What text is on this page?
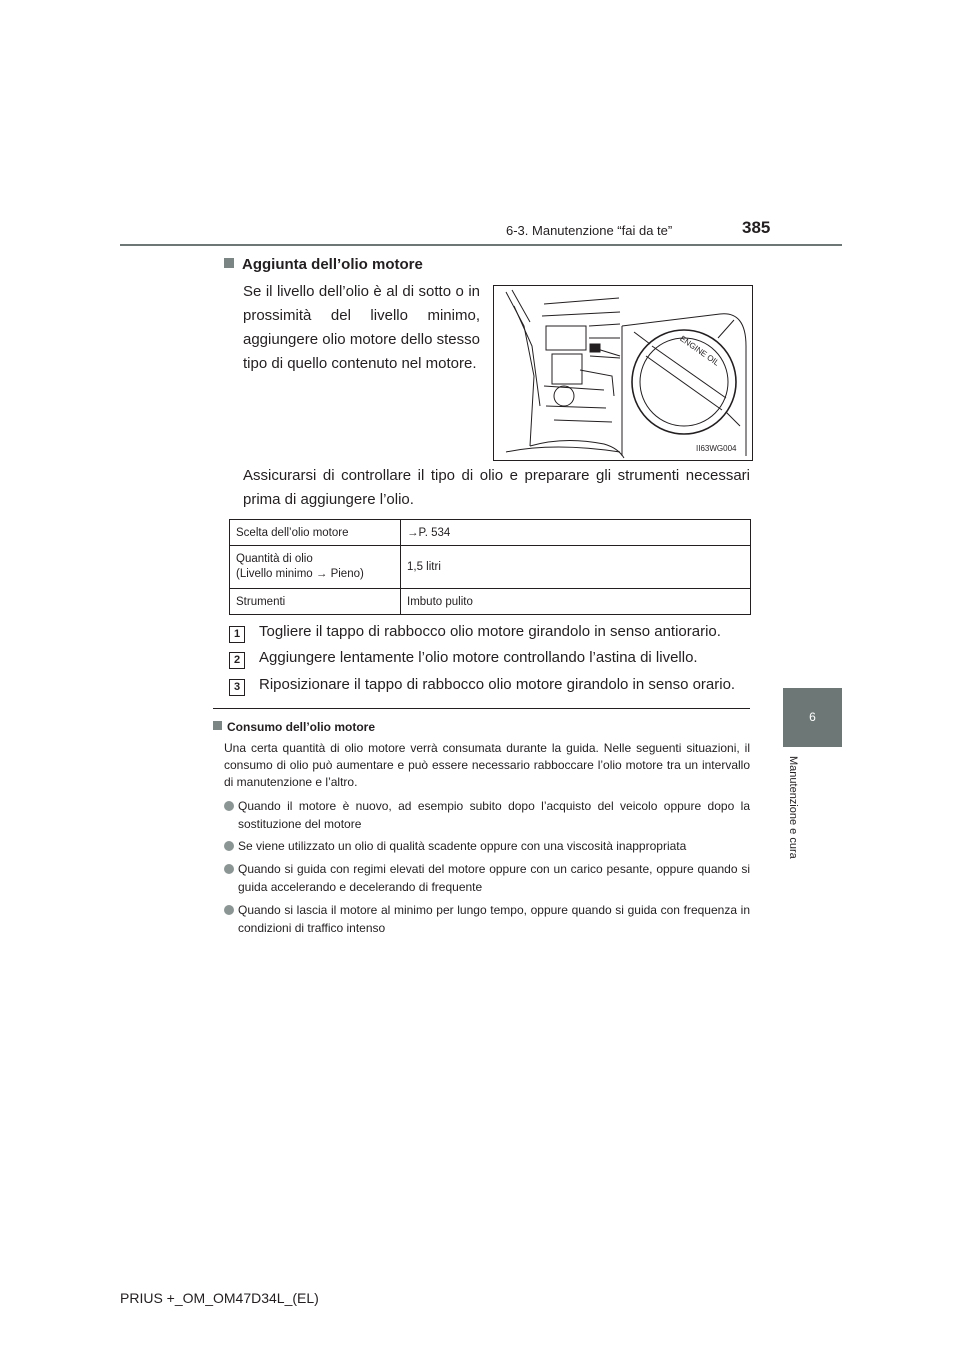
6-3. Manutenzione “fai da te”	385
6
Manutenzione e cura
Aggiunta dell’olio motore
Se il livello dell’olio è al di sotto o in prossimità del livello minimo, aggiungere olio motore dello stesso tipo di quello contenuto nel motore.	ENGINE OIL
II63WG004
Assicurarsi di controllare il tipo di olio e preparare gli strumenti necessari prima di aggiungere l’olio.
Scelta dell’olio motore	→P. 534
Quantità di olio
(Livello minimo → Pieno)	1,5 litri
Strumenti	Imbuto pulito
1 Togliere il tappo di rabbocco olio motore girandolo in senso antiorario.
2 Aggiungere lentamente l’olio motore controllando l’astina di livello.
3 Riposizionare il tappo di rabbocco olio motore girandolo in senso orario.
Consumo dell’olio motore
Una certa quantità di olio motore verrà consumata durante la guida. Nelle seguenti situazioni, il consumo di olio può aumentare e può essere necessario rabboccare l’olio motore tra un intervallo di manutenzione e l’altro.
Quando il motore è nuovo, ad esempio subito dopo l’acquisto del veicolo oppure dopo la sostituzione del motore
Se viene utilizzato un olio di qualità scadente oppure con una viscosità inappropriata
Quando si guida con regimi elevati del motore oppure con un carico pesante, oppure quando si guida accelerando e decelerando di frequente
Quando si lascia il motore al minimo per lungo tempo, oppure quando si guida con frequenza in condizioni di traffico intenso
PRIUS +_OM_OM47D34L_(EL)
